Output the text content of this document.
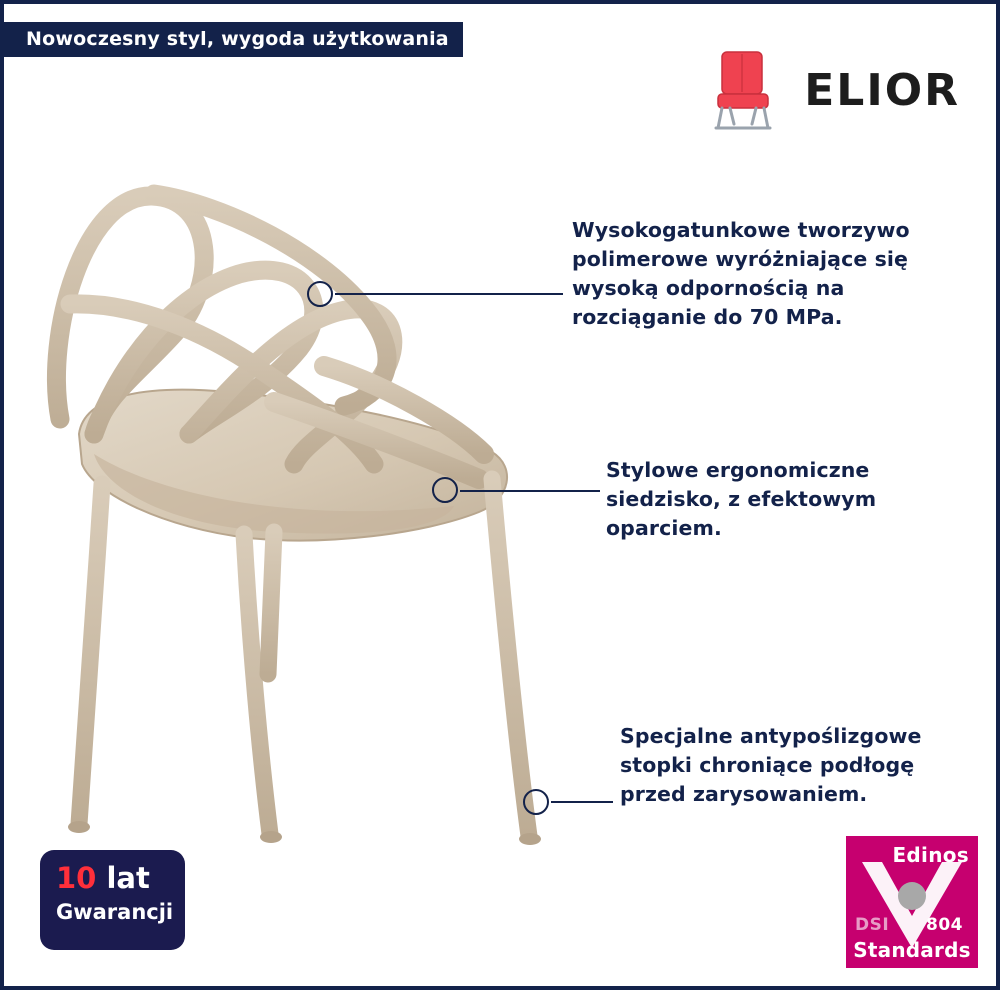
Nowoczesny styl, wygoda użytkowania
ELIOR
Wysokogatunkowe tworzywo polimerowe wyróżniające się wysoką odpornością na rozciąganie do 70 MPa.
Stylowe ergonomiczne siedzisko, z efektowym oparciem.
Specjalne antypoślizgowe stopki chroniące podłogę przed zarysowaniem.
10 lat
Gwarancji
Edinos
DSI 804
Standards
